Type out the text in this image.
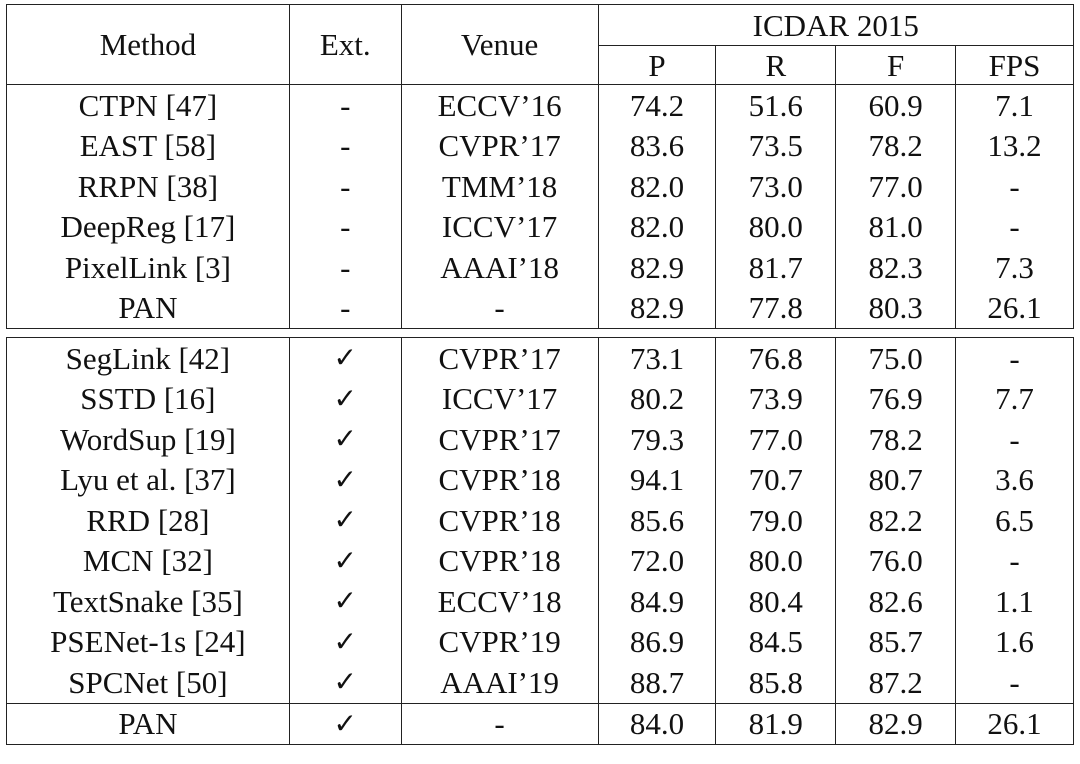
Method	Ext.	Venue	ICDAR 2015			
			P	R	F	FPS
CTPN [47]	-	ECCV’16	74.2	51.6	60.9	7.1
EAST [58]	-	CVPR’17	83.6	73.5	78.2	13.2
RRPN [38]	-	TMM’18	82.0	73.0	77.0	-
DeepReg [17]	-	ICCV’17	82.0	80.0	81.0	-
PixelLink [3]	-	AAAI’18	82.9	81.7	82.3	7.3
PAN	-	-	82.9	77.8	80.3	26.1

SegLink [42]	✓	CVPR’17	73.1	76.8	75.0	-
SSTD [16]	✓	ICCV’17	80.2	73.9	76.9	7.7
WordSup [19]	✓	CVPR’17	79.3	77.0	78.2	-
Lyu et al. [37]	✓	CVPR’18	94.1	70.7	80.7	3.6
RRD [28]	✓	CVPR’18	85.6	79.0	82.2	6.5
MCN [32]	✓	CVPR’18	72.0	80.0	76.0	-
TextSnake [35]	✓	ECCV’18	84.9	80.4	82.6	1.1
PSENet-1s [24]	✓	CVPR’19	86.9	84.5	85.7	1.6
SPCNet [50]	✓	AAAI’19	88.7	85.8	87.2	-
PAN	✓	-	84.0	81.9	82.9	26.1
